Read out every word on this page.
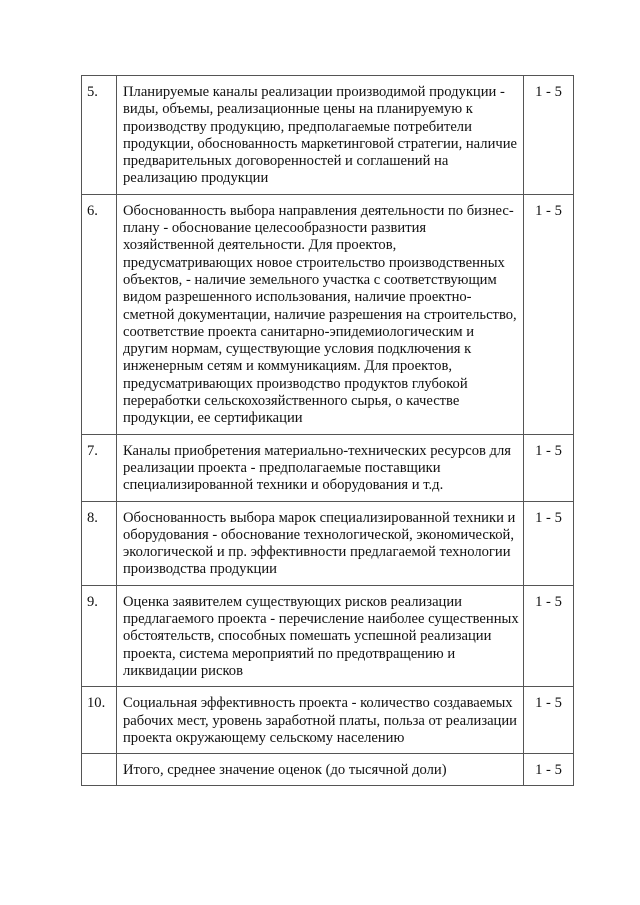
5.	Планируемые каналы реализации производимой продукции - виды, объемы, реализационные цены на планируемую к производству продукцию, предполагаемые потребители продукции, обоснованность маркетинговой стратегии, наличие предварительных договоренностей и соглашений на реализацию продукции	1 - 5
6.	Обоснованность выбора направления деятельности по бизнес-плану - обоснование целесообразности развития хозяйственной деятельности. Для проектов, предусматривающих новое строительство производственных объектов, - наличие земельного участка с соответствующим видом разрешенного использования, наличие проектно-сметной документации, наличие разрешения на строительство, соответствие проекта санитарно-эпидемиологическим и другим нормам, существующие условия подключения к инженерным сетям и коммуникациям. Для проектов, предусматривающих производство продуктов глубокой переработки сельскохозяйственного сырья, о качестве продукции, ее сертификации	1 - 5
7.	Каналы приобретения материально-технических ресурсов для реализации проекта - предполагаемые поставщики специализированной техники и оборудования и т.д.	1 - 5
8.	Обоснованность выбора марок специализированной техники и оборудования - обоснование технологической, экономической, экологической и пр. эффективности предлагаемой технологии производства продукции	1 - 5
9.	Оценка заявителем существующих рисков реализации предлагаемого проекта - перечисление наиболее существенных обстоятельств, способных помешать успешной реализации проекта, система мероприятий по предотвращению и ликвидации рисков	1 - 5
10.	Социальная эффективность проекта - количество создаваемых рабочих мест, уровень заработной платы, польза от реализации проекта окружающему сельскому населению	1 - 5
	Итого, среднее значение оценок (до тысячной доли)	1 - 5
